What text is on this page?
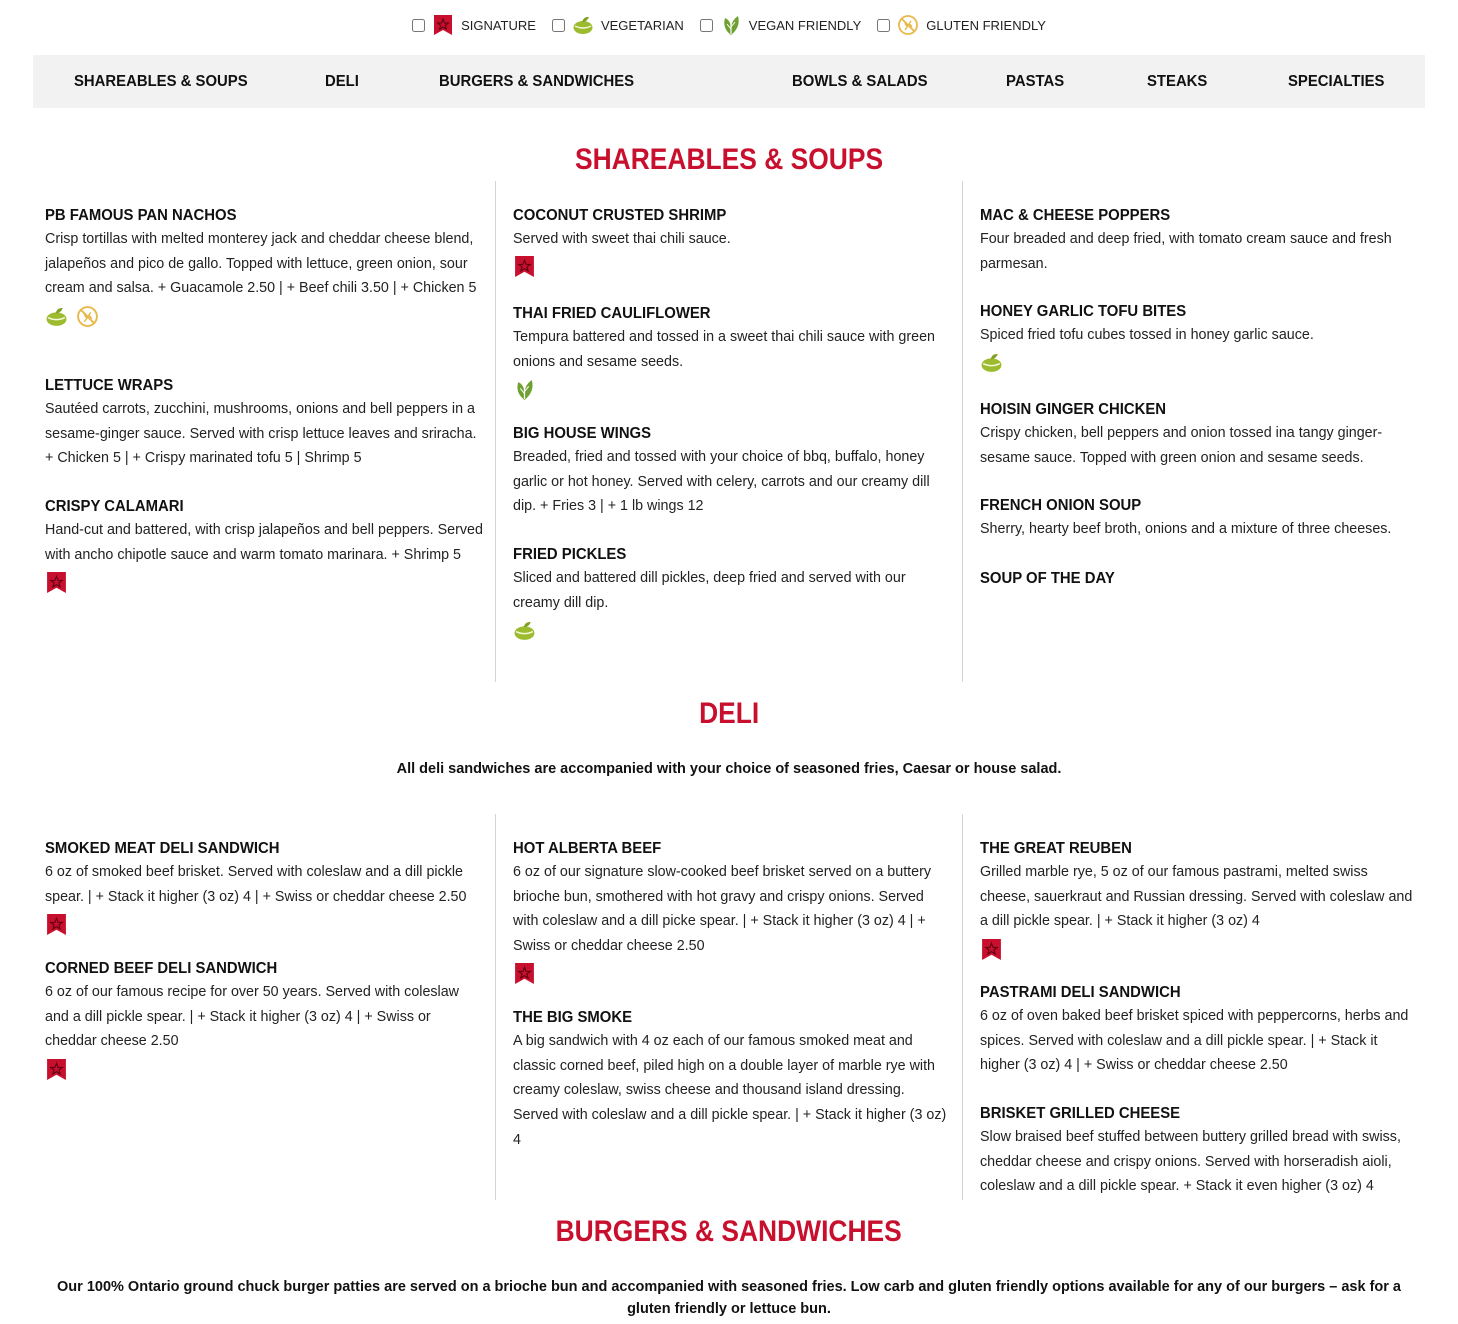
SIGNATURE	VEGETARIAN	VEGAN FRIENDLY	GLUTEN FRIENDLY
SHAREABLES & SOUPS	DELI	BURGERS & SANDWICHES	BOWLS & SALADS	PASTAS	STEAKS	SPECIALTIES
SHAREABLES & SOUPS
PB FAMOUS PAN NACHOS
Crisp tortillas with melted monterey jack and cheddar cheese blend, jalapeños and pico de gallo. Topped with lettuce, green onion, sour cream and salsa. + Guacamole 2.50 | + Beef chili 3.50 | + Chicken 5
LETTUCE WRAPS
Sautéed carrots, zucchini, mushrooms, onions and bell peppers in a sesame-ginger sauce. Served with crisp lettuce leaves and sriracha. + Chicken 5 | + Crispy marinated tofu 5 | Shrimp 5
CRISPY CALAMARI
Hand-cut and battered, with crisp jalapeños and bell peppers. Served with ancho chipotle sauce and warm tomato marinara. + Shrimp 5
COCONUT CRUSTED SHRIMP
Served with sweet thai chili sauce.
THAI FRIED CAULIFLOWER
Tempura battered and tossed in a sweet thai chili sauce with green onions and sesame seeds.
BIG HOUSE WINGS
Breaded, fried and tossed with your choice of bbq, buffalo, honey garlic or hot honey. Served with celery, carrots and our creamy dill dip. + Fries 3 | + 1 lb wings 12
FRIED PICKLES
Sliced and battered dill pickles, deep fried and served with our creamy dill dip.
MAC & CHEESE POPPERS
Four breaded and deep fried, with tomato cream sauce and fresh parmesan.
HONEY GARLIC TOFU BITES
Spiced fried tofu cubes tossed in honey garlic sauce.
HOISIN GINGER CHICKEN
Crispy chicken, bell peppers and onion tossed ina tangy ginger-sesame sauce. Topped with green onion and sesame seeds.
FRENCH ONION SOUP
Sherry, hearty beef broth, onions and a mixture of three cheeses.
SOUP OF THE DAY
DELI
All deli sandwiches are accompanied with your choice of seasoned fries, Caesar or house salad.
SMOKED MEAT DELI SANDWICH
6 oz of smoked beef brisket. Served with coleslaw and a dill pickle spear. | + Stack it higher (3 oz) 4 | + Swiss or cheddar cheese 2.50
CORNED BEEF DELI SANDWICH
6 oz of our famous recipe for over 50 years. Served with coleslaw and a dill pickle spear. | + Stack it higher (3 oz) 4 | + Swiss or cheddar cheese 2.50
HOT ALBERTA BEEF
6 oz of our signature slow-cooked beef brisket served on a buttery brioche bun, smothered with hot gravy and crispy onions. Served with coleslaw and a dill picke spear. | + Stack it higher (3 oz) 4 | + Swiss or cheddar cheese 2.50
THE BIG SMOKE
A big sandwich with 4 oz each of our famous smoked meat and classic corned beef, piled high on a double layer of marble rye with creamy coleslaw, swiss cheese and thousand island dressing. Served with coleslaw and a dill pickle spear. | + Stack it higher (3 oz) 4
THE GREAT REUBEN
Grilled marble rye, 5 oz of our famous pastrami, melted swiss cheese, sauerkraut and Russian dressing. Served with coleslaw and a dill pickle spear. | + Stack it higher (3 oz) 4
PASTRAMI DELI SANDWICH
6 oz of oven baked beef brisket spiced with peppercorns, herbs and spices. Served with coleslaw and a dill pickle spear. | + Stack it higher (3 oz) 4 | + Swiss or cheddar cheese 2.50
BRISKET GRILLED CHEESE
Slow braised beef stuffed between buttery grilled bread with swiss, cheddar cheese and crispy onions. Served with horseradish aioli, coleslaw and a dill pickle spear. + Stack it even higher (3 oz) 4
BURGERS & SANDWICHES
Our 100% Ontario ground chuck burger patties are served on a brioche bun and accompanied with seasoned fries. Low carb and gluten friendly options available for any of our burgers – ask for a gluten friendly or lettuce bun.
